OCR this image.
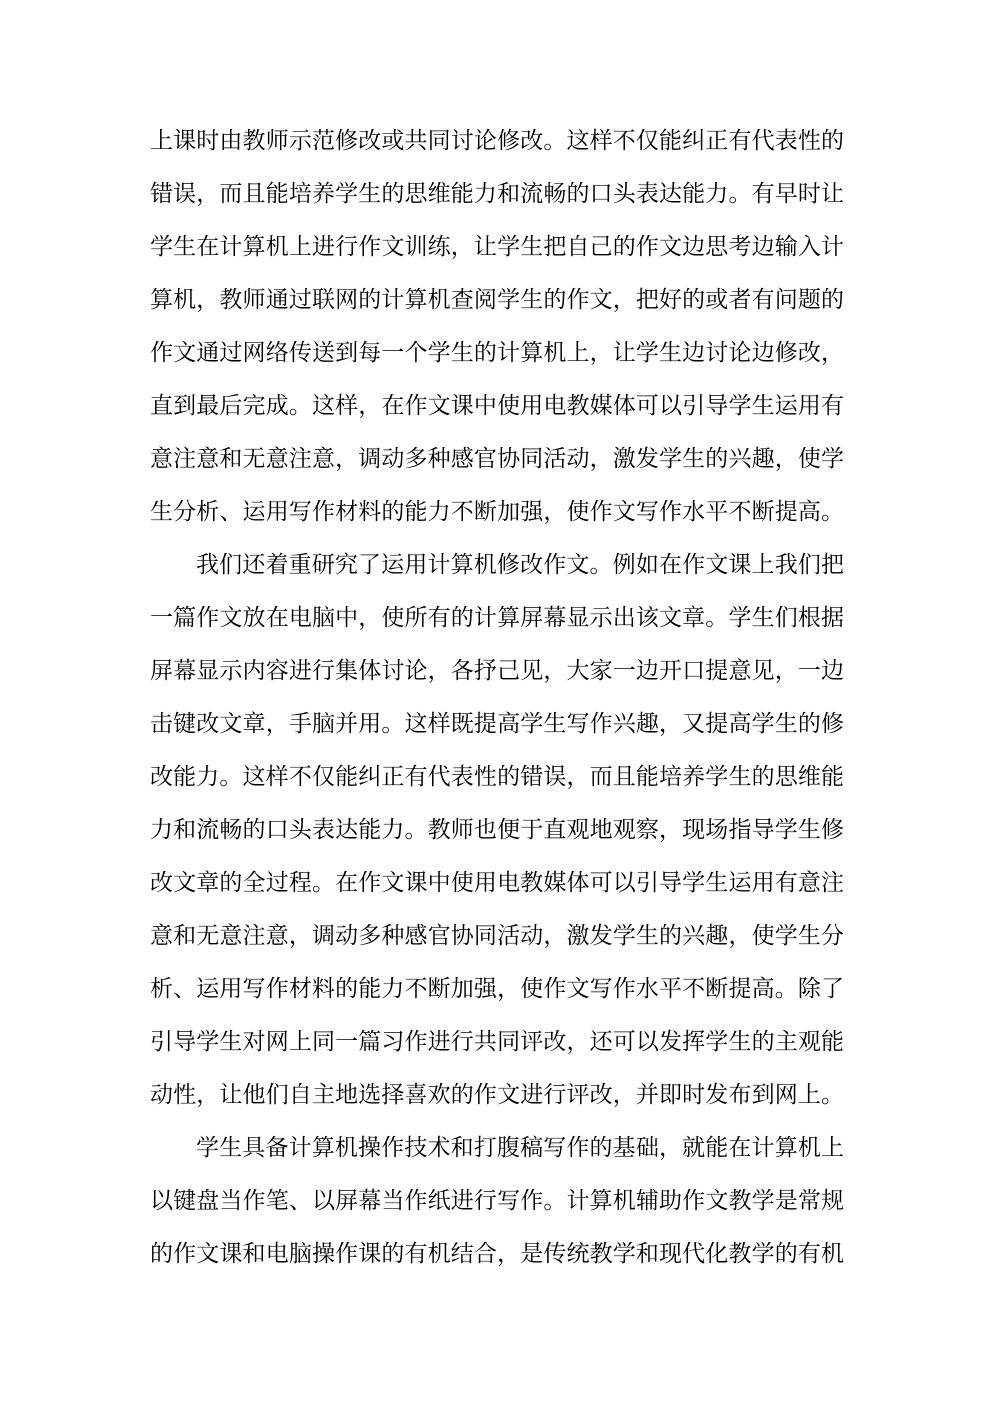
上课时由教师示范修改或共同讨论修改。这样不仅能纠正有代表性的
错误，而且能培养学生的思维能力和流畅的口头表达能力。有早时让
学生在计算机上进行作文训练，让学生把自己的作文边思考边输入计
算机，教师通过联网的计算机查阅学生的作文，把好的或者有问题的
作文通过网络传送到每一个学生的计算机上，让学生边讨论边修改，
直到最后完成。这样，在作文课中使用电教媒体可以引导学生运用有
意注意和无意注意，调动多种感官协同活动，激发学生的兴趣，使学
生分析、运用写作材料的能力不断加强，使作文写作水平不断提高。
我们还着重研究了运用计算机修改作文。例如在作文课上我们把
一篇作文放在电脑中，使所有的计算屏幕显示出该文章。学生们根据
屏幕显示内容进行集体讨论，各抒己见，大家一边开口提意见，一边
击键改文章，手脑并用。这样既提高学生写作兴趣，又提高学生的修
改能力。这样不仅能纠正有代表性的错误，而且能培养学生的思维能
力和流畅的口头表达能力。教师也便于直观地观察，现场指导学生修
改文章的全过程。在作文课中使用电教媒体可以引导学生运用有意注
意和无意注意，调动多种感官协同活动，激发学生的兴趣，使学生分
析、运用写作材料的能力不断加强，使作文写作水平不断提高。除了
引导学生对网上同一篇习作进行共同评改，还可以发挥学生的主观能
动性，让他们自主地选择喜欢的作文进行评改，并即时发布到网上。
学生具备计算机操作技术和打腹稿写作的基础，就能在计算机上
以键盘当作笔、以屏幕当作纸进行写作。计算机辅助作文教学是常规
的作文课和电脑操作课的有机结合，是传统教学和现代化教学的有机
